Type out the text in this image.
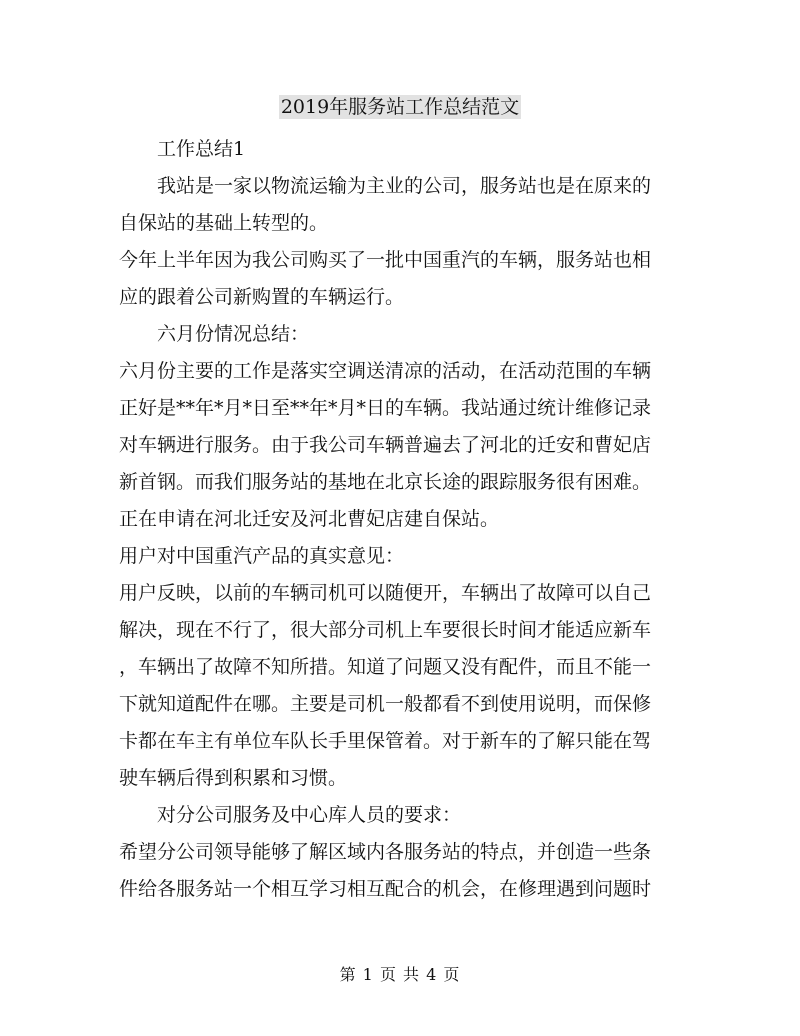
2019年服务站工作总结范文
工作总结1
我站是一家以物流运输为主业的公司，服务站也是在原来的
自保站的基础上转型的。
今年上半年因为我公司购买了一批中国重汽的车辆，服务站也相
应的跟着公司新购置的车辆运行。
六月份情况总结：
六月份主要的工作是落实空调送清凉的活动，在活动范围的车辆
正好是**年*月*日至**年*月*日的车辆。我站通过统计维修记录
对车辆进行服务。由于我公司车辆普遍去了河北的迁安和曹妃店
新首钢。而我们服务站的基地在北京长途的跟踪服务很有困难。
正在申请在河北迁安及河北曹妃店建自保站。
用户对中国重汽产品的真实意见：
用户反映，以前的车辆司机可以随便开，车辆出了故障可以自己
解决，现在不行了，很大部分司机上车要很长时间才能适应新车
，车辆出了故障不知所措。知道了问题又没有配件，而且不能一
下就知道配件在哪。主要是司机一般都看不到使用说明，而保修
卡都在车主有单位车队长手里保管着。对于新车的了解只能在驾
驶车辆后得到积累和习惯。
对分公司服务及中心库人员的要求：
希望分公司领导能够了解区域内各服务站的特点，并创造一些条
件给各服务站一个相互学习相互配合的机会，在修理遇到问题时
第 1 页 共 4 页
